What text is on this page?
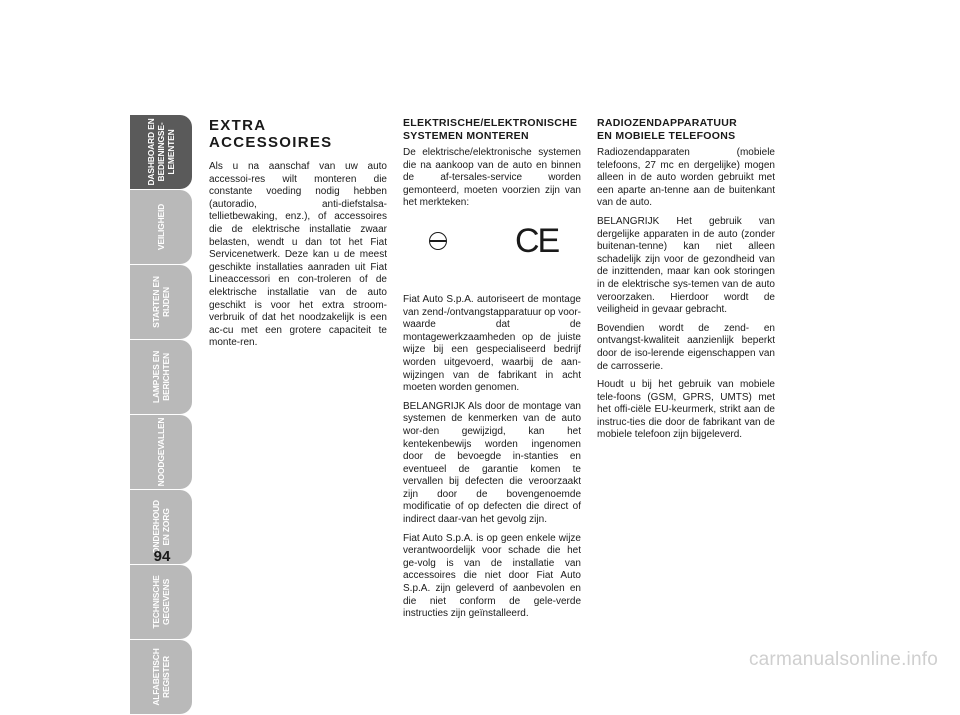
DASHBOARD EN
BEDIENINGSE-
LEMENTEN
VEILIGHEID
STARTEN EN
RIJDEN
LAMPJES EN
BERICHTEN
NOODGEVALLEN
ONDERHOUD
EN ZORG
TECHNISCHE
GEGEVENS
ALFABETISCH
REGISTER
94
EXTRA ACCESSOIRES

Als u na aanschaf van uw auto accessoi-res wilt monteren die constante voeding nodig hebben (autoradio, anti-diefstalsa-tellietbewaking, enz.), of accessoires die de elektrische installatie zwaar belasten, wendt u dan tot het Fiat Servicenetwerk. Deze kan u de meest geschikte installaties aanraden uit Fiat Lineaccessori en con-troleren of de elektrische installatie van de auto geschikt is voor het extra stroom-verbruik of dat het noodzakelijk is een ac-cu met een grotere capaciteit te monte-ren.

ELEKTRISCHE/ELEKTRONISCHE
SYSTEMEN MONTEREN

De elektrische/elektronische systemen die na aankoop van de auto en binnen de af-tersales-service worden gemonteerd, moeten voorzien zijn van het merkteken:

CE

Fiat Auto S.p.A. autoriseert de montage van zend-/ontvangstapparatuur op voor-waarde dat de montagewerkzaamheden op de juiste wijze bij een gespecialiseerd bedrijf worden uitgevoerd, waarbij de aan-wijzingen van de fabrikant in acht moeten worden genomen.

BELANGRIJK Als door de montage van systemen de kenmerken van de auto wor-den gewijzigd, kan het kentekenbewijs worden ingenomen door de bevoegde in-stanties en eventueel de garantie komen te vervallen bij defecten die veroorzaakt zijn door de bovengenoemde modificatie of op defecten die direct of indirect daar-van het gevolg zijn.

Fiat Auto S.p.A. is op geen enkele wijze verantwoordelijk voor schade die het ge-volg is van de installatie van accessoires die niet door Fiat Auto S.p.A. zijn geleverd of aanbevolen en die niet conform de gele-verde instructies zijn geïnstalleerd.

RADIOZENDAPPARATUUR
EN MOBIELE TELEFOONS

Radiozendapparaten (mobiele telefoons, 27 mc en dergelijke) mogen alleen in de auto worden gebruikt met een aparte an-tenne aan de buitenkant van de auto.

BELANGRIJK Het gebruik van dergelijke apparaten in de auto (zonder buitenan-tenne) kan niet alleen schadelijk zijn voor de gezondheid van de inzittenden, maar kan ook storingen in de elektrische sys-temen van de auto veroorzaken. Hierdoor wordt de veiligheid in gevaar gebracht.

Bovendien wordt de zend- en ontvangst-kwaliteit aanzienlijk beperkt door de iso-lerende eigenschappen van de carrosserie.

Houdt u bij het gebruik van mobiele tele-foons (GSM, GPRS, UMTS) met het offi-ciële EU-keurmerk, strikt aan de instruc-ties die door de fabrikant van de mobiele telefoon zijn bijgeleverd.

carmanualsonline.info
